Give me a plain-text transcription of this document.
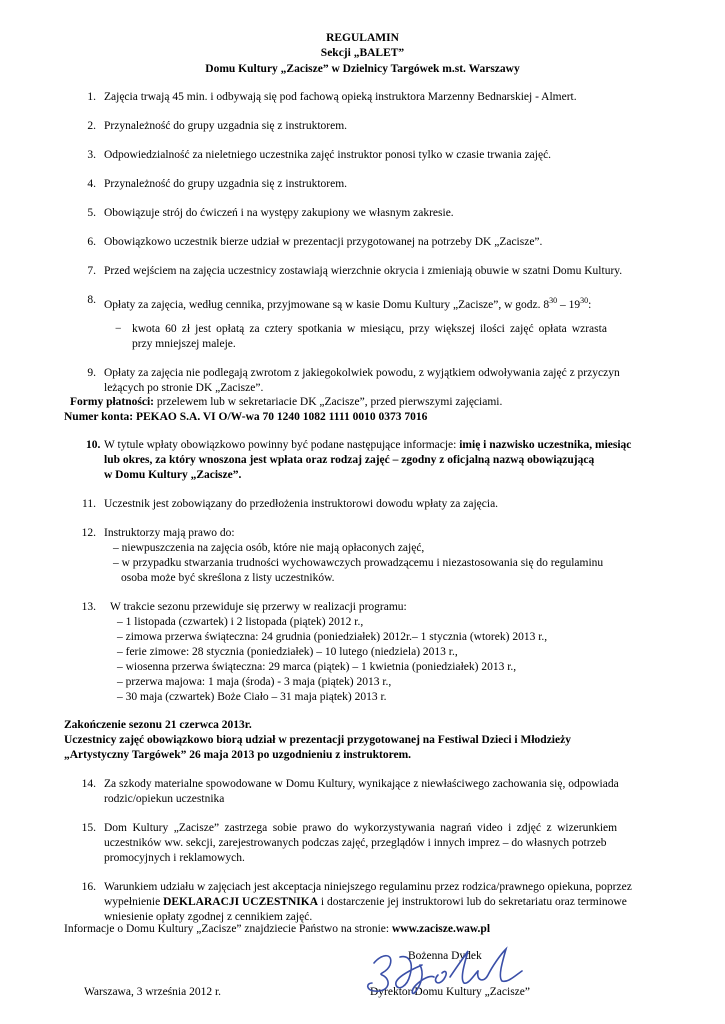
REGULAMIN
Sekcji „BALET”
Domu Kultury „Zacisze” w Dzielnicy Targówek m.st. Warszawy
1. Zajęcia trwają 45 min. i odbywają się pod fachową opieką instruktora Marzenny Bednarskiej - Almert.
2. Przynależność do grupy uzgadnia się z instruktorem.
3. Odpowiedzialność za nieletniego uczestnika zajęć instruktor ponosi tylko w czasie trwania zajęć.
4. Przynależność do grupy uzgadnia się z instruktorem.
5. Obowiązuje strój do ćwiczeń i na występy zakupiony we własnym zakresie.
6. Obowiązkowo uczestnik bierze udział w prezentacji przygotowanej na potrzeby DK „Zacisze”.
7. Przed wejściem na zajęcia uczestnicy zostawiają wierzchnie okrycia i zmieniają obuwie w szatni Domu Kultury.
8. Opłaty za zajęcia, według cennika, przyjmowane są w kasie Domu Kultury „Zacisze”, w godz. $8^{30} - 19^{30}$:
− kwota 60 zł jest opłatą za cztery spotkania w miesiącu, przy większej ilości zajęć opłata wzrasta
przy mniejszej maleje.
9. Opłaty za zajęcia nie podlegają zwrotom z jakiegokolwiek powodu, z wyjątkiem odwoływania zajęć z przyczyn
leżących po stronie DK „Zacisze”.
Formy płatności: przelewem lub w sekretariacie DK „Zacisze”, przed pierwszymi zajęciami.
Numer konta: PEKAO S.A. VI O/W-wa 70 1240 1082 1111 0010 0373 7016
10. W tytule wpłaty obowiązkowo powinny być podane następujące informacje: imię i nazwisko uczestnika, miesiąc
lub okres, za który wnoszona jest wpłata oraz rodzaj zajęć – zgodny z oficjalną nazwą obowiązującą
w Domu Kultury „Zacisze”.
11. Uczestnik jest zobowiązany do przedłożenia instruktorowi dowodu wpłaty za zajęcia.
12. Instruktorzy mają prawo do:
– niewpuszczenia na zajęcia osób, które nie mają opłaconych zajęć,
– w przypadku stwarzania trudności wychowawczych prowadzącemu i niezastosowania się do regulaminu
osoba może być skreślona z listy uczestników.
13. W trakcie sezonu przewiduje się przerwy w realizacji programu:
– 1 listopada (czwartek) i 2 listopada (piątek) 2012 r.,
– zimowa przerwa świąteczna: 24 grudnia (poniedziałek) 2012r.– 1 stycznia (wtorek) 2013 r.,
– ferie zimowe: 28 stycznia (poniedziałek) – 10 lutego (niedziela) 2013 r.,
– wiosenna przerwa świąteczna: 29 marca (piątek) – 1 kwietnia (poniedziałek) 2013 r.,
– przerwa majowa: 1 maja (środa) - 3 maja (piątek) 2013 r.,
– 30 maja (czwartek) Boże Ciało – 31 maja piątek) 2013 r.
Zakończenie sezonu 21 czerwca 2013r.
Uczestnicy zajęć obowiązkowo biorą udział w prezentacji przygotowanej na Festiwal Dzieci i Młodzieży
„Artystyczny Targówek” 26 maja 2013 po uzgodnieniu z instruktorem.
14. Za szkody materialne spowodowane w Domu Kultury, wynikające z niewłaściwego zachowania się, odpowiada
rodzic/opiekun uczestnika
15. Dom Kultury „Zacisze” zastrzega sobie prawo do wykorzystywania nagrań video i zdjęć z wizerunkiem
uczestników ww. sekcji, zarejestrowanych podczas zajęć, przeglądów i innych imprez – do własnych potrzeb
promocyjnych i reklamowych.
16. Warunkiem udziału w zajęciach jest akceptacja niniejszego regulaminu przez rodzica/prawnego opiekuna, poprzez
wypełnienie DEKLARACJI UCZESTNIKA i dostarczenie jej instruktorowi lub do sekretariatu oraz terminowe
wniesienie opłaty zgodnej z cennikiem zajęć.
Informacje o Domu Kultury „Zacisze” znajdziecie Państwo na stronie: www.zacisze.waw.pl
Bożenna Dydek
Warszawa, 3 września 2012 r.	Dyrektor Domu Kultury „Zacisze”
